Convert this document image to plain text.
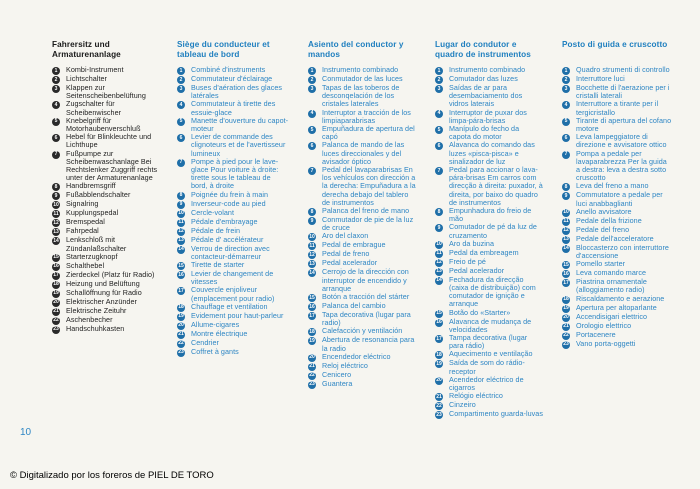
Fahrersitz und Armaturenanlage
1	Kombi-Instrument
2	Lichtschalter
3	Klappen zur Seitenscheibenbelüftung
4	Zugschalter für Scheibenwischer
5	Knebelgriff für Motorhaubenverschluß
6	Hebel für Blinkleuchte und Lichthupe
7	Fußpumpe zur Scheibenwaschanlage Bei Rechtslenker Zuggriff rechts unter der Armaturenanlage
8	Handbremsgriff
9	Fußabblendschalter
10 Signalring
11 Kupplungspedal
12 Bremspedal
13 Fahrpedal
14 Lenkschloß mit Zündanlaßschalter
15 Starterzugknopf
16 Schalthebel
17 Zierdeckel (Platz für Radio)
18 Heizung und Belüftung
19 Schallöffnung für Radio
20 Elektrischer Anzünder
21 Elektrische Zeituhr
22 Aschenbecher
23 Handschuhkasten
Siège du conducteur et tableau de bord
1	Combiné d'instruments
2	Commutateur d'éclairage
3	Buses d'aération des glaces latérales
4	Commutateur à tirette des essuie-glace
5	Manette d'ouverture du capot-moteur
6	Levier de commande des clignoteurs et de l'avertisseur lumineux
7	Pompe à pied pour le lave-glace Pour voiture à droite: tirette sous le tableau de bord, à droite
8	Poignée du frein à main
9	Inverseur-code au pied
10 Cercle-volant
11 Pédale d'embrayage
12 Pédale de frein
13 Pédale d' accélérateur
14 Verrou de direction avec contacteur-démarreur
15 Tirette de starter
16 Levier de changement de vitesses
17 Couvercle enjoliveur (emplacement pour radio)
18 Chauffage et ventilation
19 Evidement pour haut-parleur
20 Allume-cigares
21 Montre électrique
22 Cendrier
23 Coffret à gants
Asiento del conductor y mandos
1	Instrumento combinado
2	Conmutador de las luces
3	Tapas de las toberos de desconqelación de los cristales laterales
4	Interruptor a tracción de los limpiaparabrisas
5	Empuñadura de apertura del capó
6	Palanca de mando de las luces direccionales y del avisador óptico
7	Pedal del lavaparabrisas En los vehículos con dirección a la derecha: Empuñadura a la derecha debajo del tablero de instrumentos
8	Palanca del freno de mano
9	Conmutador de pie de la luz de cruce
10 Aro del claxon
11 Pedal de embrague
12 Pedal de freno
13 Pedal acelerador
14 Cerrojo de la dirección con interruptor de encendido y arranque
15 Botón a tracción del stárter
16 Palanca del cambio
17 Tapa decorativa (lugar para radio)
18 Calefacción y ventilación
19 Abertura de resonancia para la radio
20 Encendedor eléctrico
21 Reloj eléctrico
22 Cenicero
23 Guantera
Lugar do condutor e quadro de instrumentos
1	Instrumento combinado
2	Comutador das luzes
3	Saídas de ar para desembaciamento dos vidros laterais
4	Interruptor de puxar dos limpa-pára-brisas
5	Manípulo do fecho da capota do motor
6	Alavanca do comando das luzes «pisca-pisca» e sinalizador de luz
7	Pedal para accionar o lava-pára-brisas Em carros com direcção à direita: puxador, à direita, por baixo do quadro de instrumentos
8	Empunhadura do freio de mão
9	Comutador de pé da luz de cruzamento
10 Aro da buzina
11 Pedal da embreagem
12 Freio de pé
13 Pedal acelerador
14 Fechadura da direcção (caixa de distribuição) com comutador de ignição e arranque
15 Botão do «Starter»
16 Alavanca de mudança de velocidades
17 Tampa decorativa (lugar para rádio)
18 Aquecimento e ventilação
19 Saída de som do rádio-receptor
20 Acendedor eléctrico de cigarros
21 Relógio eléctrico
22 Cinzeiro
23 Compartimento guarda-luvas
Posto di guida e cruscotto
1	Quadro strumenti di controllo
2	Interruttore luci
3	Bocchette di l'aerazione per i cristalli laterali
4	Interruttore a tirante per il tergicristallo
5	Tirante di apertura del cofano motore
6	Leva lampeggiatore di direzione e avvisatore ottico
7	Pompa a pedale per lavaparabrezza Per la guida a destra: leva a destra sotto cruscotto
8	Leva del freno a mano
9	Commutatore a pedale per luci anabbaglianti
10 Anello avvisatore
11 Pedale della frizione
12 Pedale del freno
13 Pedale dell'acceleratore
14 Bloccasterzo con interruttore d'accensione
15 Pomello starter
16 Leva comando marce
17 Piastrina ornamentale (alloggiamento radio)
18 Riscaldamento e aerazione
19 Apertura per altoparlante
20 Accendisigari elettrico
21 Orologio elettrico
22 Portacenere
23 Vano porta-oggetti
10
© Digitalizado por los foreros de PIEL DE TORO
